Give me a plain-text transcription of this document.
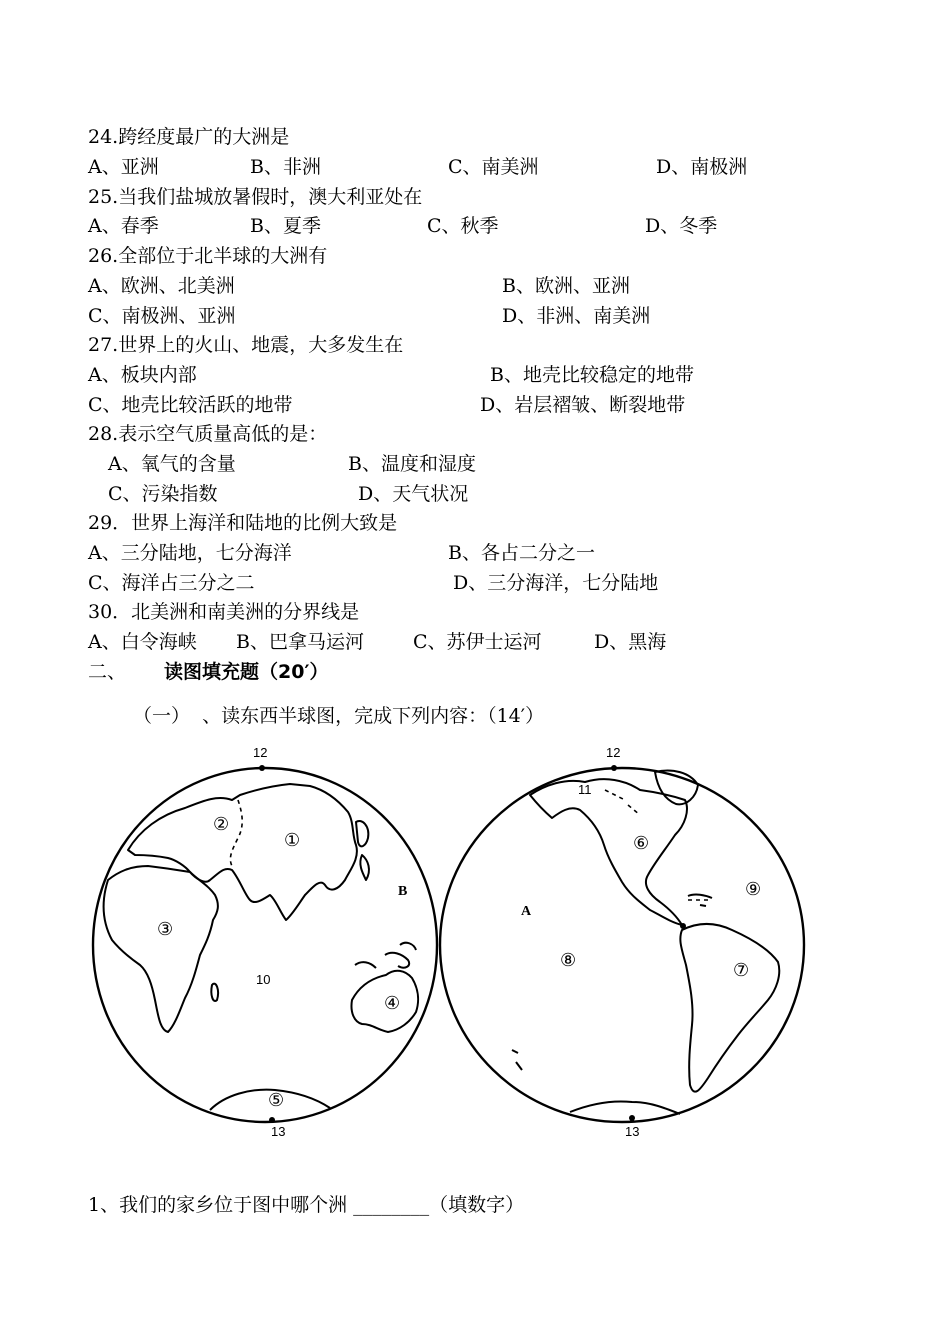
24.跨经度最广的大洲是
A、亚洲	B、非洲	C、南美洲	D、南极洲
25.当我们盐城放暑假时，澳大利亚处在
A、春季	B、夏季	C、秋季	D、冬季
26.全部位于北半球的大洲有
A、欧洲、北美洲	B、欧洲、亚洲
C、南极洲、亚洲	D、非洲、南美洲
27.世界上的火山、地震，大多发生在
A、板块内部	B、地壳比较稳定的地带
C、地壳比较活跃的地带	D、岩层褶皱、断裂地带
28.表示空气质量高低的是：
A、氧气的含量	B、温度和湿度
C、污染指数	D、天气状况
29．世界上海洋和陆地的比例大致是
A、三分陆地，七分海洋	B、各占二分之一
C、海洋占三分之二	D、三分海洋，七分陆地
30．北美洲和南美洲的分界线是
A、白令海峡 B、巴拿马运河	C、苏伊士运河	D、黑海
二、 读图填充题（20′）
（一）  、读东西半球图，完成下列内容：（14′）
12
13
10
B
①
②
③
④
⑤
12
13
11
A
⑥
⑦
⑧
⑨
1、我们的家乡位于图中哪个洲 ________（填数字）
